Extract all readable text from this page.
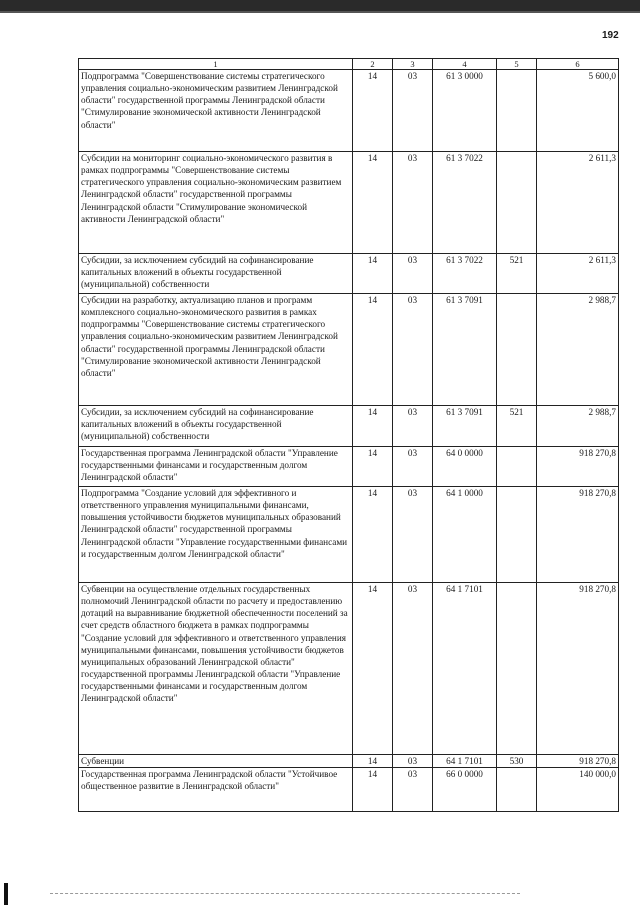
192
1	2	3	4	5	6
Подпрограмма "Совершенствование системы стратегического управления социально-экономическим развитием Ленинградской области" государственной программы Ленинградской области "Стимулирование экономической активности Ленинградской области"	14	03	61 3 0000		5 600,0
Субсидии на мониторинг социально-экономического развития в рамках подпрограммы "Совершенствование системы стратегического управления социально-экономическим развитием Ленинградской области" государственной программы Ленинградской области "Стимулирование экономической активности Ленинградской области"	14	03	61 3 7022		2 611,3
Субсидии, за исключением субсидий на софинансирование капитальных вложений в объекты государственной (муниципальной) собственности	14	03	61 3 7022	521	2 611,3
Субсидии на разработку, актуализацию планов и программ комплексного социально-экономического развития в рамках подпрограммы "Совершенствование системы стратегического управления социально-экономическим развитием Ленинградской области" государственной программы Ленинградской области "Стимулирование экономической активности Ленинградской области"	14	03	61 3 7091		2 988,7
Субсидии, за исключением субсидий на софинансирование капитальных вложений в объекты государственной (муниципальной) собственности	14	03	61 3 7091	521	2 988,7
Государственная программа Ленинградской области "Управление государственными финансами и государственным долгом Ленинградской области"	14	03	64 0 0000		918 270,8
Подпрограмма "Создание условий для эффективного и ответственного управления муниципальными финансами, повышения устойчивости бюджетов муниципальных образований Ленинградской области" государственной программы Ленинградской области "Управление государственными финансами и государственным долгом Ленинградской области"	14	03	64 1 0000		918 270,8
Субвенции на осуществление отдельных государственных полномочий Ленинградской области по расчету и предоставлению дотаций на выравнивание бюджетной обеспеченности поселений за счет средств областного бюджета в рамках подпрограммы "Создание условий для эффективного и ответственного управления муниципальными финансами, повышения устойчивости бюджетов муниципальных образований Ленинградской области" государственной программы Ленинградской области "Управление государственными финансами и государственным долгом Ленинградской области"	14	03	64 1 7101		918 270,8
Субвенции	14	03	64 1 7101	530	918 270,8
Государственная программа Ленинградской области "Устойчивое общественное развитие в Ленинградской области"	14	03	66 0 0000		140 000,0
